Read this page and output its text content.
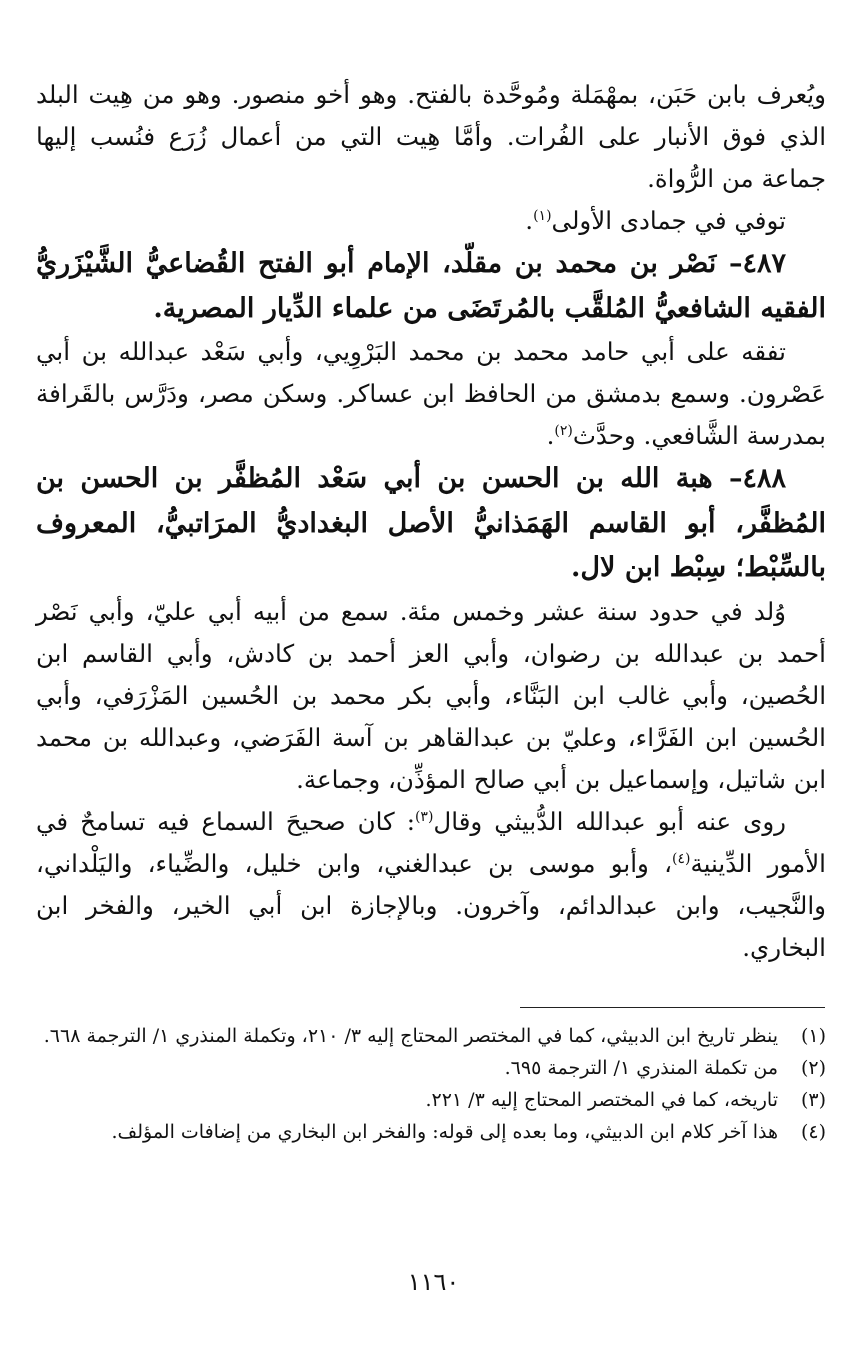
ويُعرف بابن حَبَن، بمهْمَلة ومُوحَّدة بالفتح. وهو أخو منصور. وهو من هِيت البلد الذي فوق الأنبار على الفُرات. وأمَّا هِيت التي من أعمال زُرَع فنُسب إليها جماعة من الرُّواة.

توفي في جمادى الأولى$^{(١)}$.

٤٨٧– نَصْر بن محمد بن مقلّد، الإمام أبو الفتح القُضاعيُّ الشَّيْزَريُّ الفقيه الشافعيُّ المُلقَّب بالمُرتَضَى من علماء الدِّيار المصرية.

تفقه على أبي حامد محمد بن محمد البَرْوِيي، وأبي سَعْد عبدالله بن أبي عَصْرون. وسمع بدمشق من الحافظ ابن عساكر. وسكن مصر، ودَرَّس بالقَرافة بمدرسة الشَّافعي. وحدَّث$^{(٢)}$.

٤٨٨– هبة الله بن الحسن بن أبي سَعْد المُظفَّر بن الحسن بن المُظفَّر، أبو القاسم الهَمَذانيُّ الأصل البغداديُّ المرَاتبيُّ، المعروف بالسِّبْط؛ سِبْط ابن لال.

وُلد في حدود سنة عشر وخمس مئة. سمع من أبيه أبي عليّ، وأبي نَصْر أحمد بن عبدالله بن رضوان، وأبي العز أحمد بن كادش، وأبي القاسم ابن الحُصين، وأبي غالب ابن البَنَّاء، وأبي بكر محمد بن الحُسين المَزْرَفي، وأبي الحُسين ابن الفَرَّاء، وعليّ بن عبدالقاهر بن آسة الفَرَضي، وعبدالله بن محمد ابن شاتيل، وإسماعيل بن أبي صالح المؤذِّن، وجماعة.

روى عنه أبو عبدالله الدُّبيثي وقال$^{(٣)}$: كان صحيحَ السماع فيه تسامحٌ في الأمور الدِّينية$^{(٤)}$، وأبو موسى بن عبدالغني، وابن خليل، والضِّياء، واليَلْداني، والنَّجيب، وابن عبدالدائم، وآخرون. وبالإجازة ابن أبي الخير، والفخر ابن البخاري.

(١)
ينظر تاريخ ابن الدبيثي، كما في المختصر المحتاج إليه ٣/ ٢١٠، وتكملة المنذري ١/ الترجمة ٦٦٨.
(٢)
من تكملة المنذري ١/ الترجمة ٦٩٥.
(٣)
تاريخه، كما في المختصر المحتاج إليه ٣/ ٢٢١.
(٤)
هذا آخر كلام ابن الدبيثي، وما بعده إلى قوله: والفخر ابن البخاري من إضافات المؤلف.
١١٦٠
